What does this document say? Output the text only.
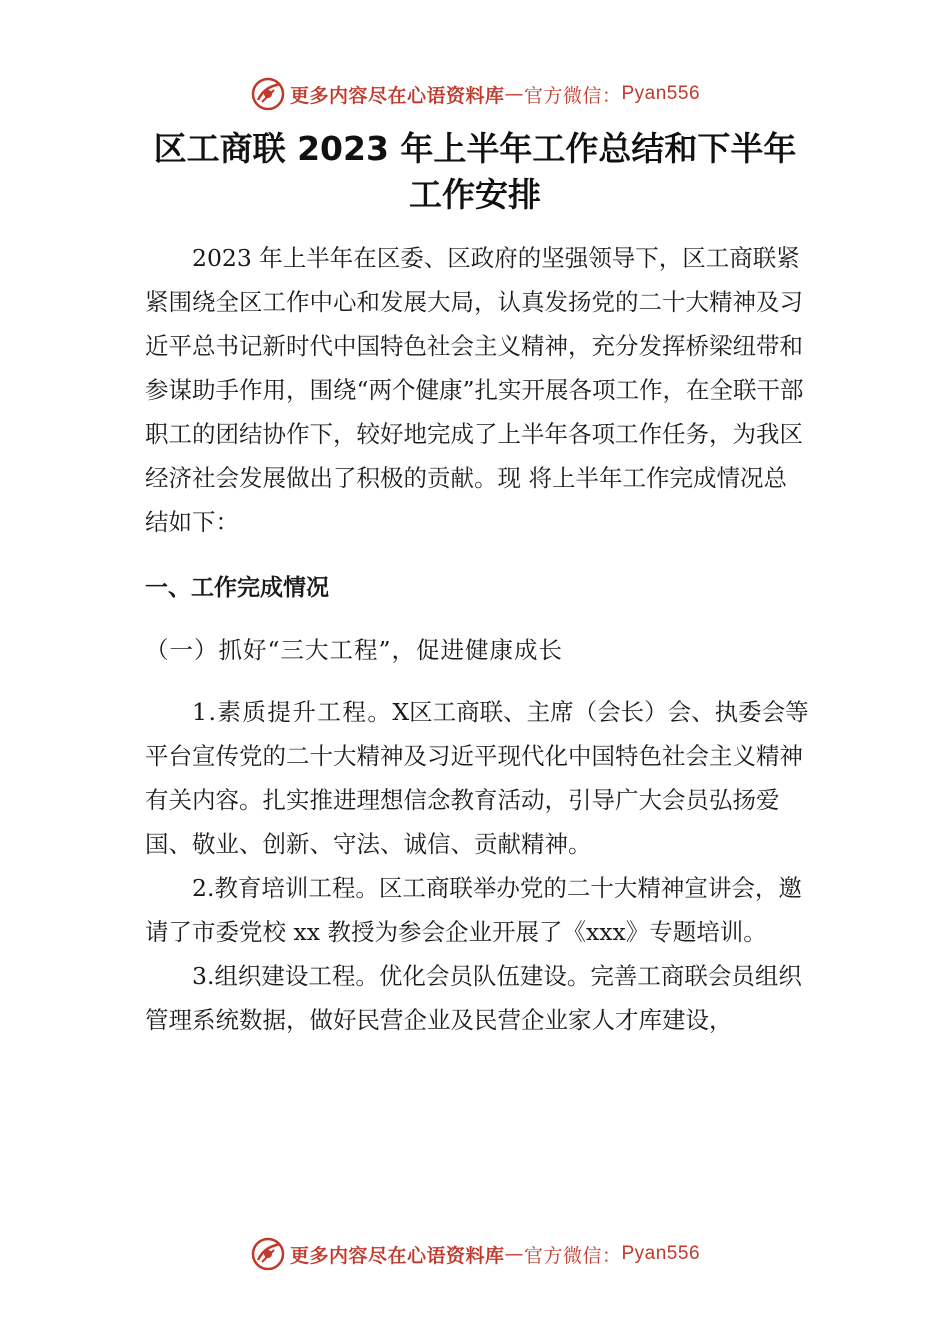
更多内容尽在心语资料库 — 官方微信： Pyan556
区工商联 2023 年上半年工作总结和下半年
工作安排

2023 年上半年在区委、区政府的坚强领导下，区工商联紧紧围绕全区工作中心和发展大局，认真发扬党的二十大精神及习近平总书记新时代中国特色社会主义精神，充分发挥桥梁纽带和参谋助手作用，围绕“两个健康”扎实开展各项工作，在全联干部职工的团结协作下，较好地完成了上半年各项工作任务，为我区经济社会发展做出了积极的贡献。现 将上半年工作完成情况总结如下：

一、工作完成情况

（一）抓好“三大工程”，促进健康成长

1.素质提升工程。X区工商联、主席（会长）会、执委会等平台宣传党的二十大精神及习近平现代化中国特色社会主义精神有关内容。扎实推进理想信念教育活动，引导广大会员弘扬爱国、敬业、创新、守法、诚信、贡献精神。

2.教育培训工程。区工商联举办党的二十大精神宣讲会，邀请了市委党校 xx 教授为参会企业开展了《xxx》专题培训。

3.组织建设工程。优化会员队伍建设。完善工商联会员组织管理系统数据，做好民营企业及民营企业家人才库建设，

更多内容尽在心语资料库 — 官方微信： Pyan556
